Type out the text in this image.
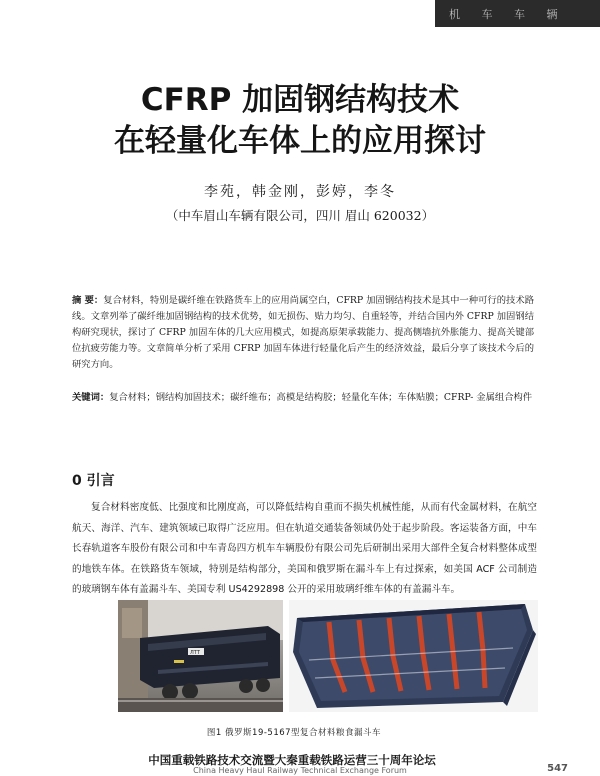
机 车 车 辆
CFRP 加固钢结构技术
在轻量化车体上的应用探讨
李苑，韩金刚，彭婷，李冬
（中车眉山车辆有限公司，四川 眉山 620032）

摘 要：复合材料，特别是碳纤维在铁路货车上的应用尚属空白，CFRP 加固钢结构技术是其中一种可行的技术路线。文章列举了碳纤维加固钢结构的技术优势，如无损伤、贴力均匀、自重轻等，并结合国内外 CFRP 加固钢结构研究现状，探讨了 CFRP 加固车体的几大应用模式，如提高原架承载能力、提高侧墙抗外胀能力、提高关键部位抗疲劳能力等。文章简单分析了采用 CFRP 加固车体进行轻量化后产生的经济效益，最后分享了该技术今后的研究方向。

关键词：复合材料；钢结构加固技术；碳纤维布；高模是结构胶；轻量化车体；车体贴膜；CFRP- 金属组合构件

0 引言

复合材料密度低、比强度和比刚度高，可以降低结构自重而不损失机械性能，从而有代金属材料，在航空航天、海洋、汽车、建筑领域已取得广泛应用。但在轨道交通装备领域仍处于起步阶段。客运装备方面，中车长春轨道客车股份有限公司和中车青岛四方机车车辆股份有限公司先后研制出采用大部件全复合材料整体成型的地铁车体。在铁路货车领域，特别是结构部分，美国和俄罗斯在漏斗车上有过探索，如美国 ACF 公司制造的玻璃钢车体有盖漏斗车、美国专利 US4292898 公开的采用玻璃纤维车体的有盖漏斗车。

ЛТТ
图1 俄罗斯19-5167型复合材料粮食漏斗车
中国重载铁路技术交流暨大秦重载铁路运营三十周年论坛
China Heavy Haul Railway Technical Exchange Forum	547
